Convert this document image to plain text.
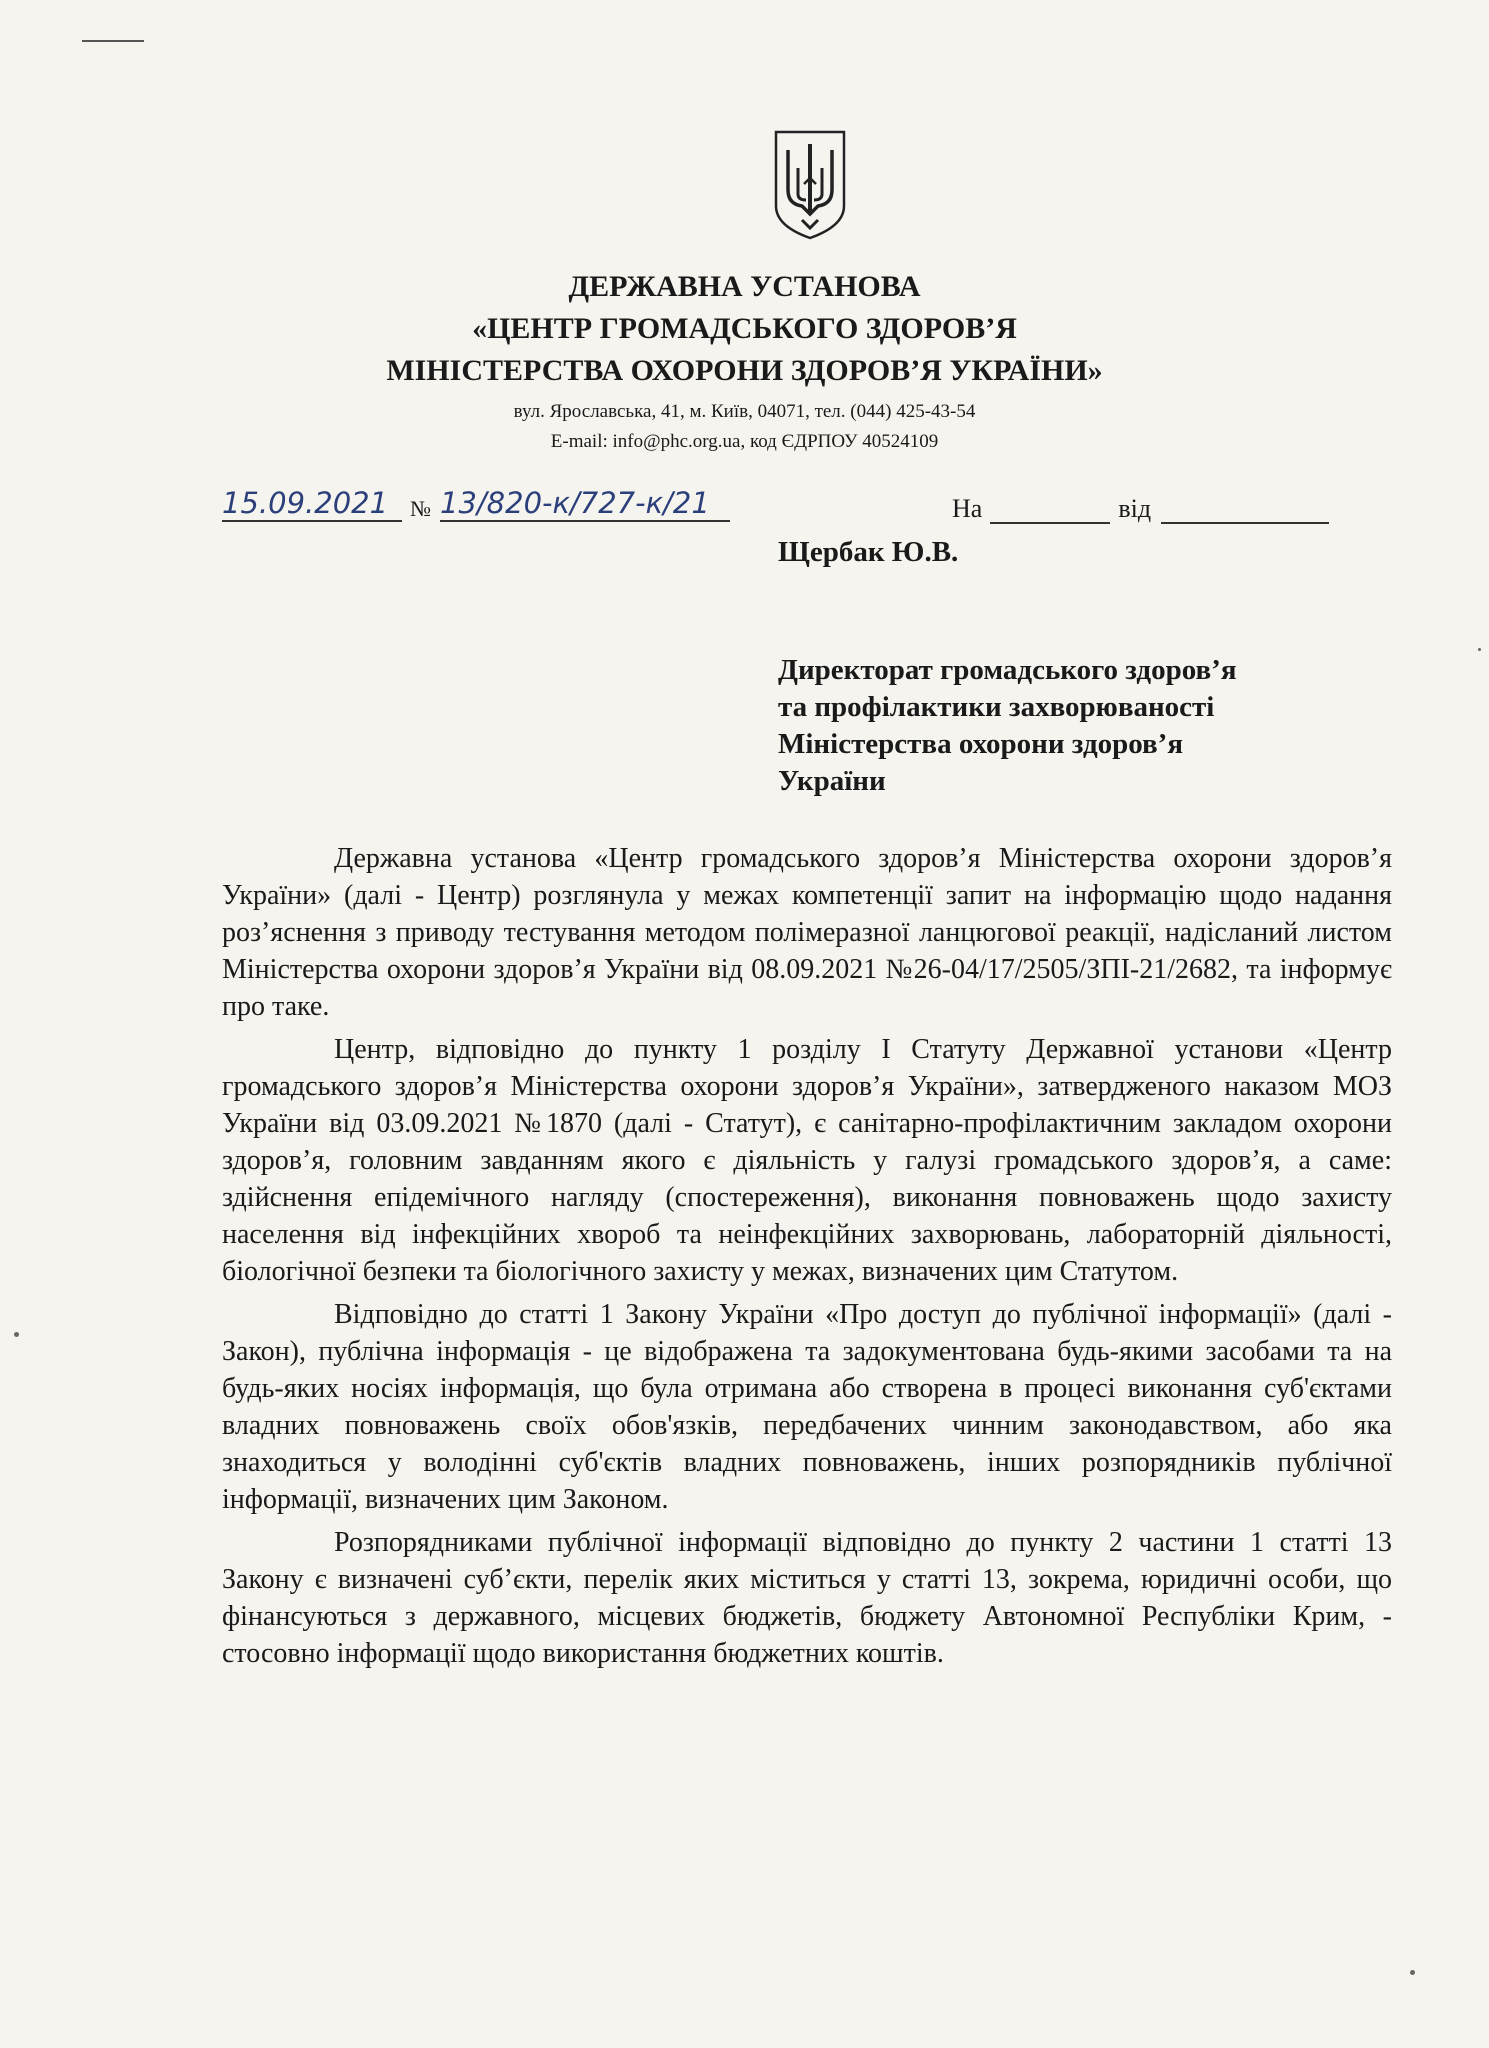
ДЕРЖАВНА УСТАНОВА
«ЦЕНТР ГРОМАДСЬКОГО ЗДОРОВ’Я
МІНІСТЕРСТВА ОХОРОНИ ЗДОРОВ’Я УКРАЇНИ»
вул. Ярославська, 41, м. Київ, 04071, тел. (044) 425-43-54
E-mail: info@phc.org.ua, код ЄДРПОУ 40524109
15.09.2021 № 13/820-к/727-к/21	На	від
Щербак Ю.В.
Директорат громадського здоров’я
та профілактики захворюваності
Міністерства охорони здоров’я
України

Державна установа «Центр громадського здоров’я Міністерства охорони здоров’я України» (далі - Центр) розглянула у межах компетенції запит на інформацію щодо надання роз’яснення з приводу тестування методом полімеразної ланцюгової реакції, надісланий листом Міністерства охорони здоров’я України від 08.09.2021 №26-04/17/2505/ЗПІ-21/2682, та інформує про таке.

Центр, відповідно до пункту 1 розділу І Статуту Державної установи «Центр громадського здоров’я Міністерства охорони здоров’я України», затвердженого наказом МОЗ України від 03.09.2021 №1870 (далі - Статут), є санітарно-профілактичним закладом охорони здоров’я, головним завданням якого є діяльність у галузі громадського здоров’я, а саме: здійснення епідемічного нагляду (спостереження), виконання повноважень щодо захисту населення від інфекційних хвороб та неінфекційних захворювань, лабораторній діяльності, біологічної безпеки та біологічного захисту у межах, визначених цим Статутом.

Відповідно до статті 1 Закону України «Про доступ до публічної інформації» (далі - Закон), публічна інформація - це відображена та задокументована будь-якими засобами та на будь-яких носіях інформація, що була отримана або створена в процесі виконання суб'єктами владних повноважень своїх обов'язків, передбачених чинним законодавством, або яка знаходиться у володінні суб'єктів владних повноважень, інших розпорядників публічної інформації, визначених цим Законом.

Розпорядниками публічної інформації відповідно до пункту 2 частини 1 статті 13 Закону є визначені суб’єкти, перелік яких міститься у статті 13, зокрема, юридичні особи, що фінансуються з державного, місцевих бюджетів, бюджету Автономної Республіки Крим, - стосовно інформації щодо використання бюджетних коштів.
